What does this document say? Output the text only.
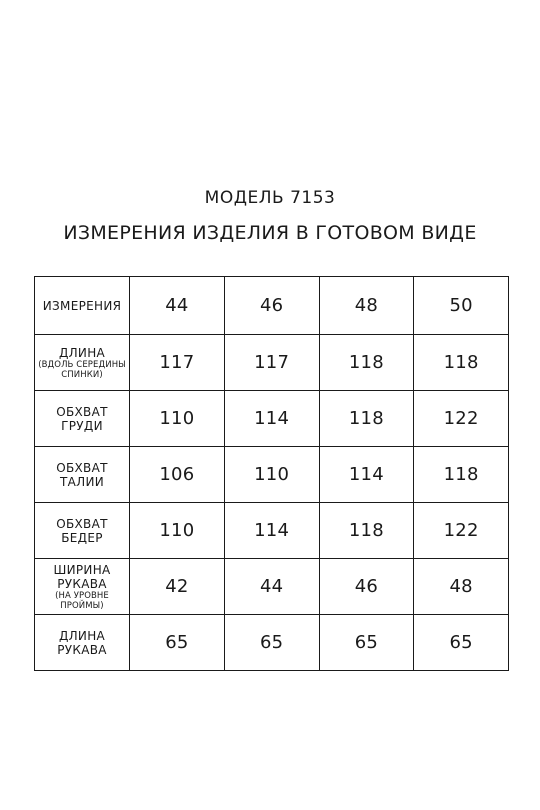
МОДЕЛЬ 7153
ИЗМЕРЕНИЯ ИЗДЕЛИЯ В ГОТОВОМ ВИДЕ
ИЗМЕРЕНИЯ	44	46	48	50

ДЛИНА
(ВДОЛЬ СЕРЕДИНЫ
СПИНКИ)	117	117	118	118

ОБХВАТ
ГРУДИ	110	114	118	122

ОБХВАТ
ТАЛИИ	106	110	114	118

ОБХВАТ
БЕДЕР	110	114	118	122

ШИРИНА
РУКАВА
(НА УРОВНЕ
ПРОЙМЫ)	42	44	46	48

ДЛИНА
РУКАВА	65	65	65	65
